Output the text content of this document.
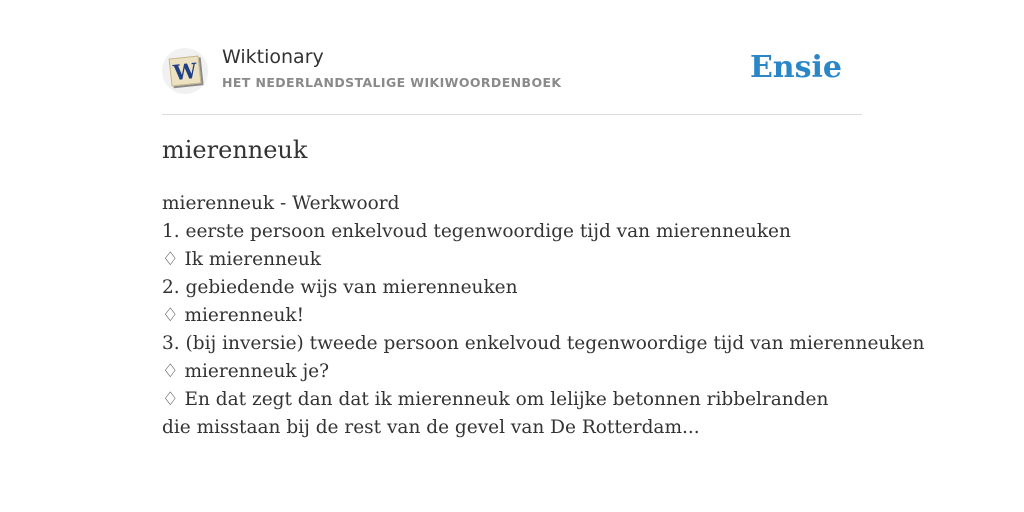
W
Wiktionary
HET NEDERLANDSTALIGE WIKIWOORDENBOEK	Ensie
mierenneuk
mierenneuk - Werkwoord
1. eerste persoon enkelvoud tegenwoordige tijd van mierenneuken
♢ Ik mierenneuk
2. gebiedende wijs van mierenneuken
♢ mierenneuk!
3. (bij inversie) tweede persoon enkelvoud tegenwoordige tijd van mierenneuken
♢ mierenneuk je?
♢ En dat zegt dan dat ik mierenneuk om lelijke betonnen ribbelranden die misstaan bij de rest van de gevel van De Rotterdam...
